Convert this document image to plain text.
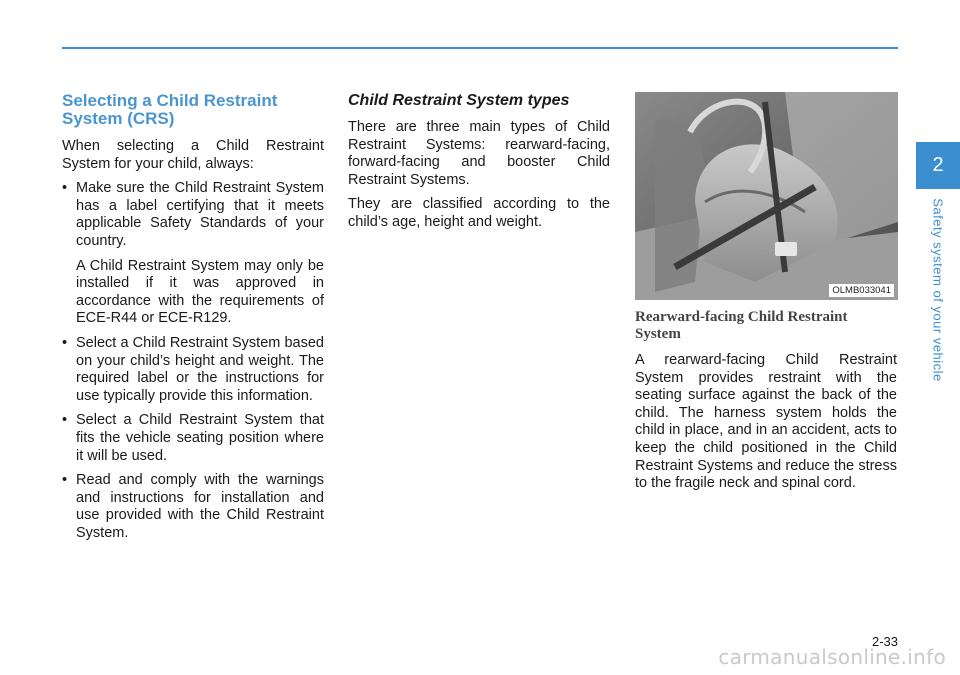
Selecting a Child Restraint System (CRS)

When selecting a Child Restraint System for your child, always:

• Make sure the Child Restraint System has a label certifying that it meets applicable Safety Standards of your country.

A Child Restraint System may only be installed if it was approved in accordance with the requirements of ECE-R44 or ECE-R129.

• Select a Child Restraint System based on your child’s height and weight. The required label or the instructions for use typically provide this information.
• Select a Child Restraint System that fits the vehicle seating position where it will be used.
• Read and comply with the warnings and instructions for installation and use provided with the Child Restraint System.
Child Restraint System types

There are three main types of Child Restraint Systems: rearward-facing, forward-facing and booster Child Restraint Systems.

They are classified according to the child’s age, height and weight.

OLMB033041
Rearward-facing Child Restraint System

A rearward-facing Child Restraint System provides restraint with the seating surface against the back of the child. The harness system holds the child in place, and in an accident, acts to keep the child positioned in the Child Restraint Systems and reduce the stress to the fragile neck and spinal cord.

2
Safety system of your vehicle
2-33
carmanualsonline.info
